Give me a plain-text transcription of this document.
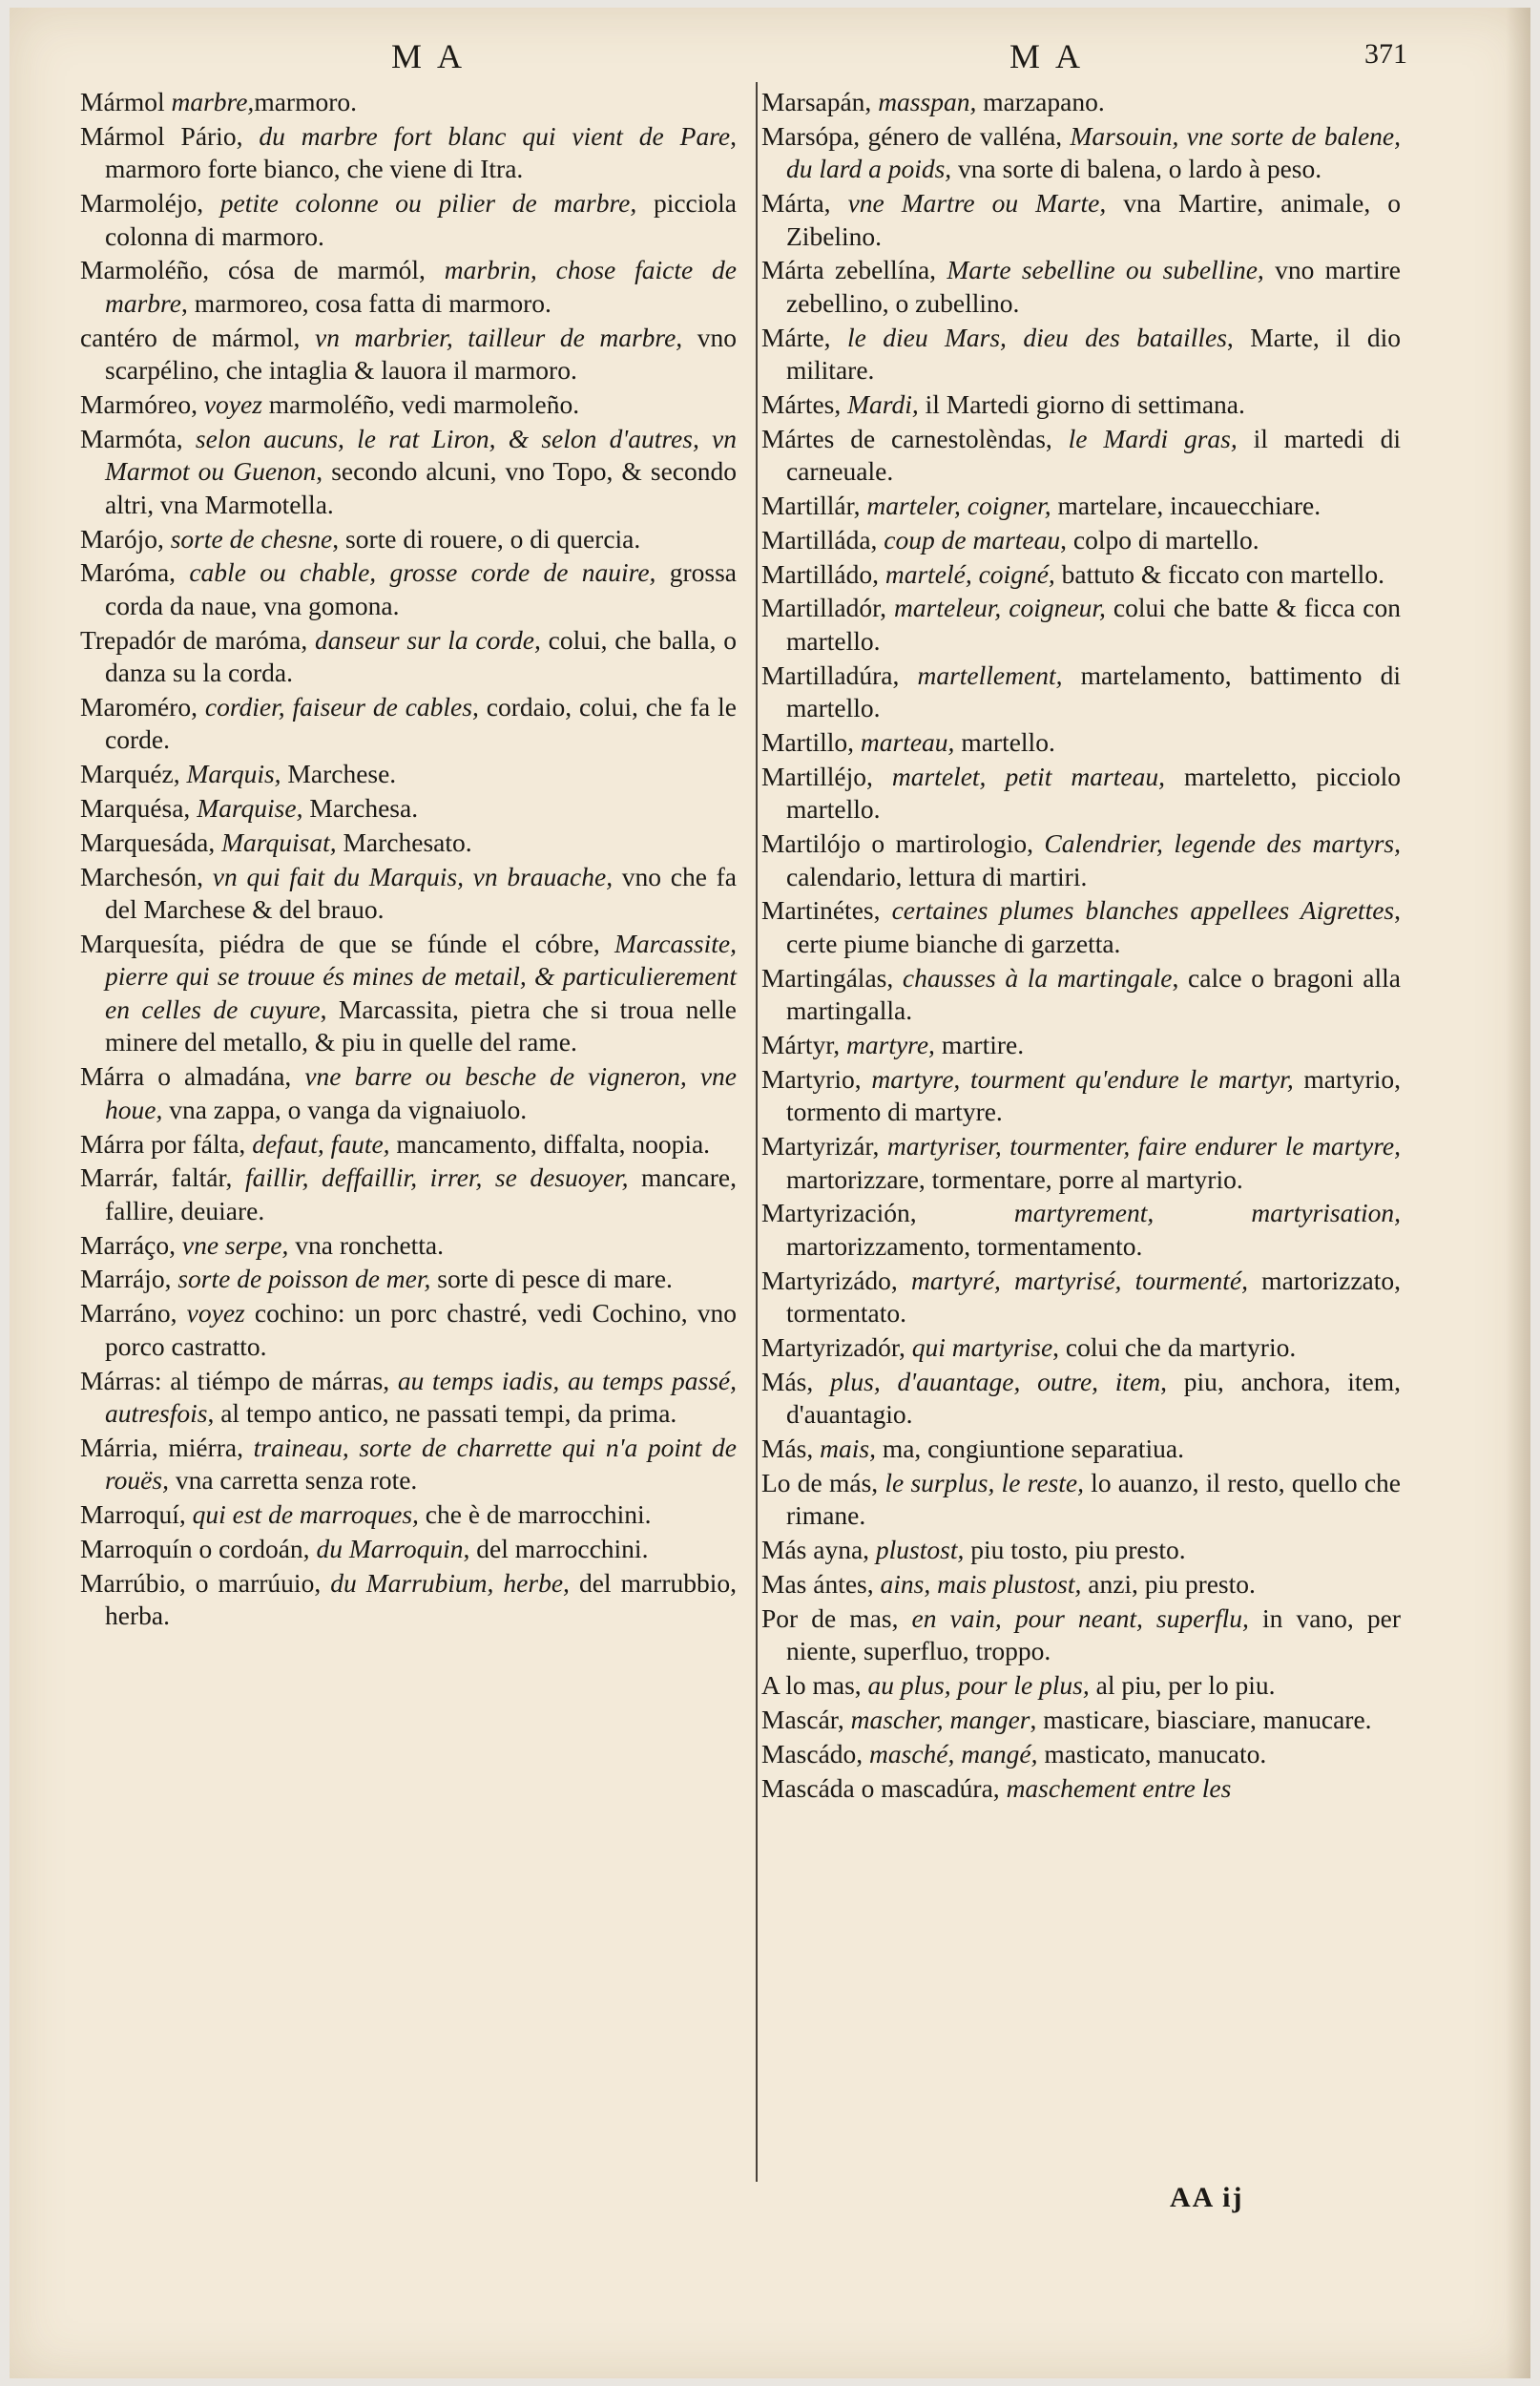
MA	MA	371

Mármol marbre,marmoro.

Mármol Pário, du marbre fort blanc qui vient de Pare, marmoro forte bianco, che viene di Itra.

Marmoléjo, petite colonne ou pilier de marbre, picciola colonna di marmoro.

Marmoléño, cósa de marmól, marbrin, chose faicte de marbre, marmoreo, cosa fatta di marmoro.

cantéro de mármol, vn marbrier, tailleur de marbre, vno scarpélino, che intaglia & lauora il marmoro.

Marmóreo, voyez marmoléño, vedi marmoleño.

Marmóta, selon aucuns, le rat Liron, & selon d'autres, vn Marmot ou Guenon, secondo alcuni, vno Topo, & secondo altri, vna Marmotella.

Marójo, sorte de chesne, sorte di rouere, o di quercia.

Maróma, cable ou chable, grosse corde de nauire, grossa corda da naue, vna gomona.

Trepadór de maróma, danseur sur la corde, colui, che balla, o danza su la corda.

Maroméro, cordier, faiseur de cables, cordaio, colui, che fa le corde.

Marquéz, Marquis, Marchese.

Marquésa, Marquise, Marchesa.

Marquesáda, Marquisat, Marchesato.

Marchesón, vn qui fait du Marquis, vn brauache, vno che fa del Marchese & del brauo.

Marquesíta, piédra de que se fúnde el cóbre, Marcassite, pierre qui se trouue és mines de metail, & particulierement en celles de cuyure, Marcassita, pietra che si troua nelle minere del metallo, & piu in quelle del rame.

Márra o almadána, vne barre ou besche de vigneron, vne houe, vna zappa, o vanga da vignaiuolo.

Márra por fálta, defaut, faute, mancamento, diffalta, noopia.

Marrár, faltár, faillir, deffaillir, irrer, se desuoyer, mancare, fallire, deuiare.

Marráço, vne serpe, vna ronchetta.

Marrájo, sorte de poisson de mer, sorte di pesce di mare.

Marráno, voyez cochino: un porc chastré, vedi Cochino, vno porco castratto.

Márras: al tiémpo de márras, au temps iadis, au temps passé, autresfois, al tempo antico, ne passati tempi, da prima.

Márria, miérra, traineau, sorte de charrette qui n'a point de rouës, vna carretta senza rote.

Marroquí, qui est de marroques, che è de marrocchini.

Marroquín o cordoán, du Marroquin, del marrocchini.

Marrúbio, o marrúuio, du Marrubium, herbe, del marrubbio, herba.

Marsapán, masspan, marzapano.

Marsópa, género de valléna, Marsouin, vne sorte de balene, du lard a poids, vna sorte di balena, o lardo à peso.

Márta, vne Martre ou Marte, vna Martire, animale, o Zibelino.

Márta zebellína, Marte sebelline ou subelline, vno martire zebellino, o zubellino.

Márte, le dieu Mars, dieu des batailles, Marte, il dio militare.

Mártes, Mardi, il Martedi giorno di settimana.

Mártes de carnestolèndas, le Mardi gras, il martedi di carneuale.

Martillár, marteler, coigner, martelare, incauecchiare.

Martilláda, coup de marteau, colpo di martello.

Martilládo, martelé, coigné, battuto & ficcato con martello.

Martilladór, marteleur, coigneur, colui che batte & ficca con martello.

Martilladúra, martellement, martelamento, battimento di martello.

Martillo, marteau, martello.

Martilléjo, martelet, petit marteau, marteletto, picciolo martello.

Martilójo o martirologio, Calendrier, legende des martyrs, calendario, lettura di martiri.

Martinétes, certaines plumes blanches appellees Aigrettes, certe piume bianche di garzetta.

Martingálas, chausses à la martingale, calce o bragoni alla martingalla.

Mártyr, martyre, martire.

Martyrio, martyre, tourment qu'endure le martyr, martyrio, tormento di martyre.

Martyrizár, martyriser, tourmenter, faire endurer le martyre, martorizzare, tormentare, porre al martyrio.

Martyrización, martyrement, martyrisation, martorizzamento, tormentamento.

Martyrizádo, martyré, martyrisé, tourmenté, martorizzato, tormentato.

Martyrizadór, qui martyrise, colui che da martyrio.

Más, plus, d'auantage, outre, item, piu, anchora, item, d'auantagio.

Más, mais, ma, congiuntione separatiua.

Lo de más, le surplus, le reste, lo auanzo, il resto, quello che rimane.

Más ayna, plustost, piu tosto, piu presto.

Mas ántes, ains, mais plustost, anzi, piu presto.

Por de mas, en vain, pour neant, superflu, in vano, per niente, superfluo, troppo.

A lo mas, au plus, pour le plus, al piu, per lo piu.

Mascár, mascher, manger, masticare, biasciare, manucare.

Mascádo, masché, mangé, masticato, manucato.

Mascáda o mascadúra, maschement entre les

AA ij
